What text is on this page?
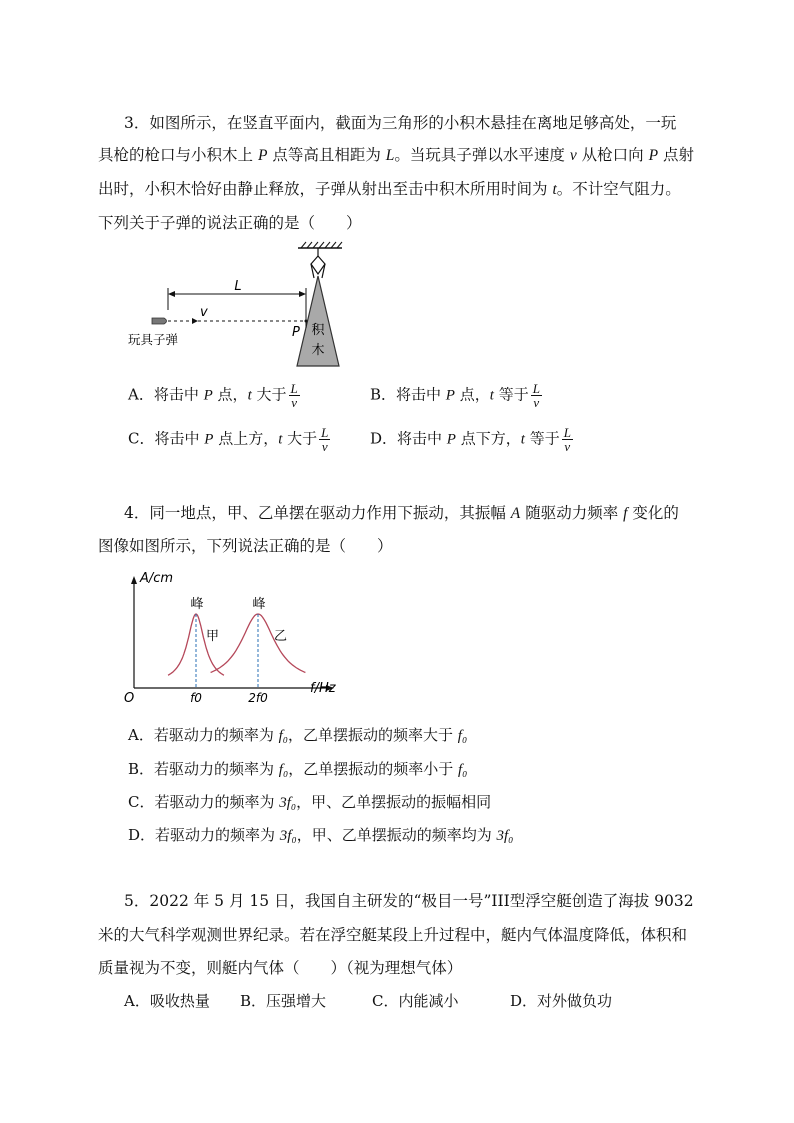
3．如图所示，在竖直平面内，截面为三角形的小积木悬挂在离地足够高处，一玩
具枪的枪口与小积木上 P 点等高且相距为 L。当玩具子弹以水平速度 v 从枪口向 P 点射
出时，小积木恰好由静止释放，子弹从射出至击中积木所用时间为 t。不计空气阻力。
下列关于子弹的说法正确的是（　　）
积
木
L
v
玩具子弹	P
A．将击中 P 点，t 大于 $\frac{L}{v}$	B．将击中 P 点，t 等于 $\frac{L}{v}$
C．将击中 P 点上方，t 大于 $\frac{L}{v}$	D．将击中 P 点下方，t 等于 $\frac{L}{v}$
4．同一地点，甲、乙单摆在驱动力作用下振动，其振幅 A 随驱动力频率 f 变化的
图像如图所示，下列说法正确的是（　　）
A/cm
f/Hz
O
峰
甲
峰
乙
f0	2f0
A．若驱动力的频率为 f₀，乙单摆振动的频率大于 f₀
B．若驱动力的频率为 f₀，乙单摆振动的频率小于 f₀
C．若驱动力的频率为 3f₀，甲、乙单摆振动的振幅相同
D．若驱动力的频率为 3f₀，甲、乙单摆振动的频率均为 3f₀
5．2022 年 5 月 15 日，我国自主研发的“极目一号”III型浮空艇创造了海拔 9032
米的大气科学观测世界纪录。若在浮空艇某段上升过程中，艇内气体温度降低，体积和
质量视为不变，则艇内气体（　　）（视为理想气体）
A．吸收热量 B．压强增大	C．内能减小	D．对外做负功
